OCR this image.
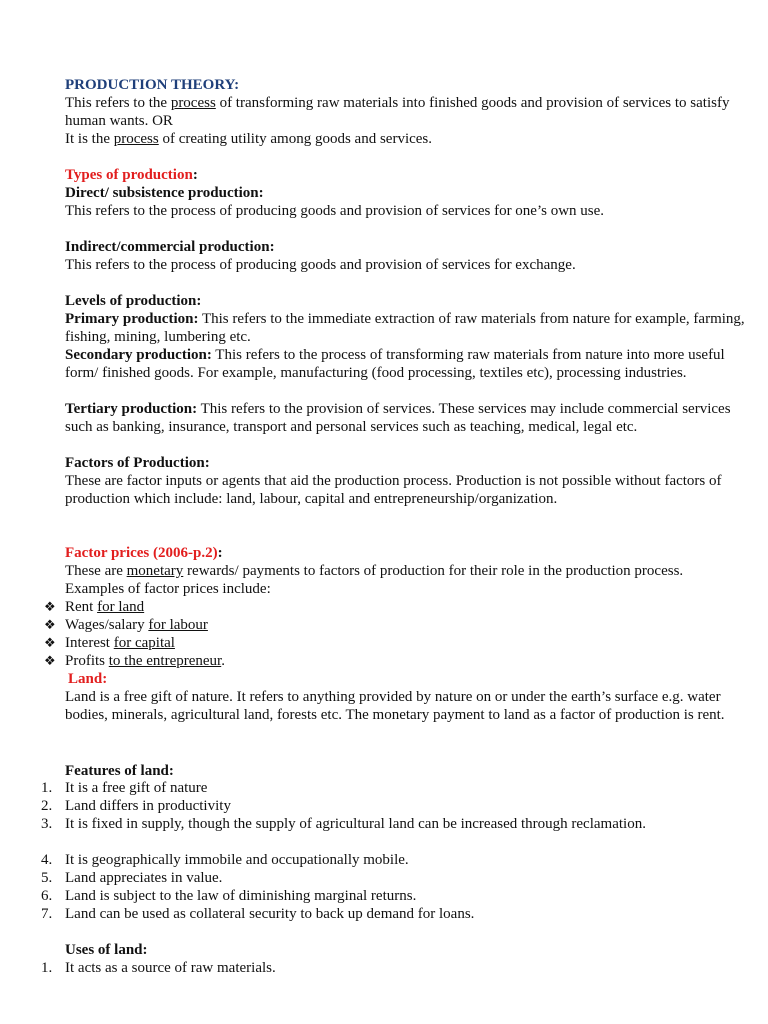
PRODUCTION THEORY:

This refers to the process of transforming raw materials into finished goods and provision of services to satisfy human wants. OR

It is the process of creating utility among goods and services.

Types of production:

Direct/ subsistence production:

This refers to the process of producing goods and provision of services for one’s own use.

Indirect/commercial production:

This refers to the process of producing goods and provision of services for exchange.

Levels of production:

Primary production: This refers to the immediate extraction of raw materials from nature for example, farming, fishing, mining, lumbering etc.

Secondary production: This refers to the process of transforming raw materials from nature into more useful form/ finished goods. For example, manufacturing (food processing, textiles etc), processing industries.

Tertiary production: This refers to the provision of services. These services may include commercial services such as banking, insurance, transport and personal services such as teaching, medical, legal etc.

Factors of Production:

These are factor inputs or agents that aid the production process. Production is not possible without factors of production which include: land, labour, capital and entrepreneurship/organization.

Factor prices (2006-p.2):

These are monetary rewards/ payments to factors of production for their role in the production process. Examples of factor prices include:

❖ Rent for land
❖ Wages/salary for labour
❖ Interest for capital
❖ Profits to the entrepreneur.

Land:

Land is a free gift of nature. It refers to anything provided by nature on or under the earth’s surface e.g. water bodies, minerals, agricultural land, forests etc. The monetary payment to land as a factor of production is rent.

Features of land:

1. It is a free gift of nature
2. Land differs in productivity
3. It is fixed in supply, though the supply of agricultural land can be increased through reclamation.
4. It is geographically immobile and occupationally mobile.
5. Land appreciates in value.
6. Land is subject to the law of diminishing marginal returns.
7. Land can be used as collateral security to back up demand for loans.

Uses of land:

1. It acts as a source of raw materials.
